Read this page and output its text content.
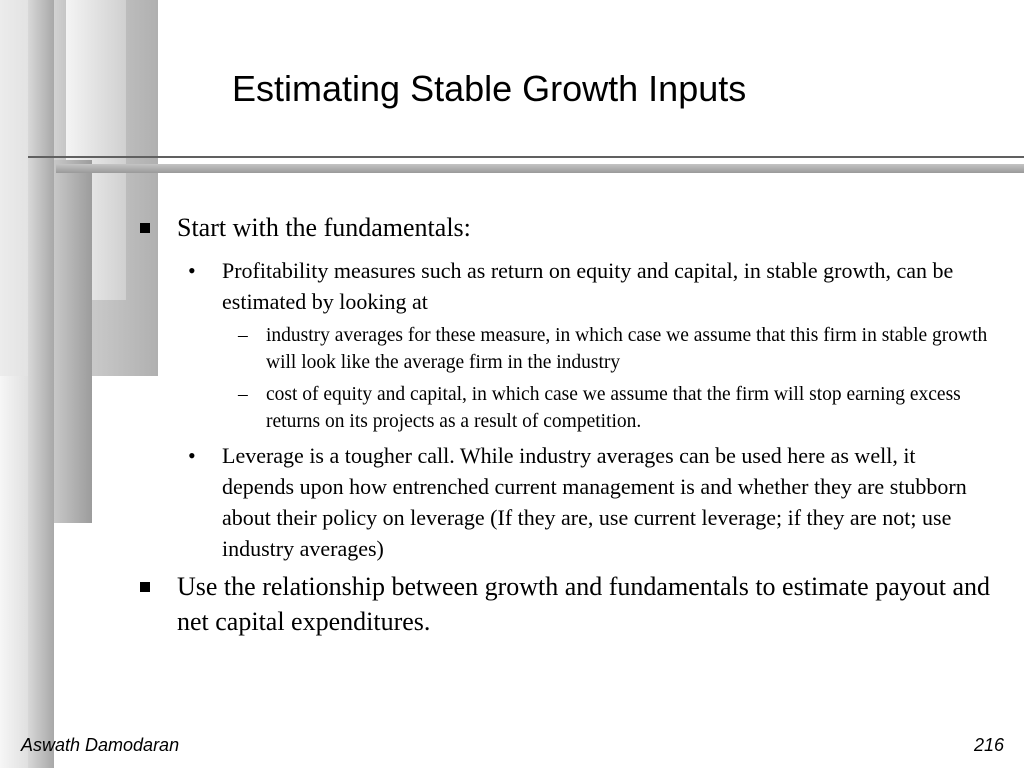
Estimating Stable Growth Inputs

Start with the fundamentals:

• Profitability measures such as return on equity and capital, in stable growth, can be estimated by looking at

– industry averages for these measure, in which case we assume that this firm in stable growth will look like the average firm in the industry

– cost of equity and capital, in which case we assume that the firm will stop earning excess returns on its projects as a result of competition.

• Leverage is a tougher call. While industry averages can be used here as well, it depends upon how entrenched current management is and whether they are stubborn about their policy on leverage (If they are, use current leverage; if they are not; use industry averages)

Use the relationship between growth and fundamentals to estimate payout and net capital expenditures.

Aswath Damodaran	216
